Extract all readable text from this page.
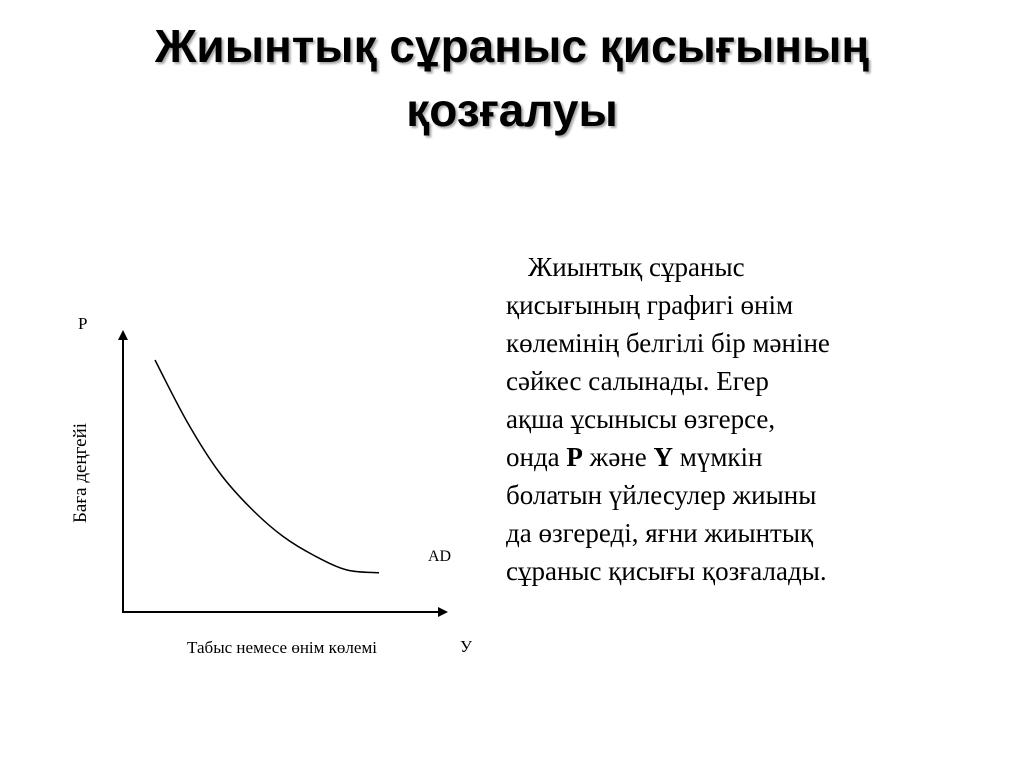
Жиынтық сұраныс қисығының
қозғалуы
P
У
Баға деңгейі
Табыс немесе өнім көлемі
AD
Жиынтық сұраныс
қисығының графигі өнім
көлемінің белгілі бір мәніне
сәйкес салынады. Егер
ақша ұсынысы өзгерсе,
онда P және Y мүмкін
болатын үйлесулер жиыны
да өзгереді, яғни жиынтық
сұраныс қисығы қозғалады.
